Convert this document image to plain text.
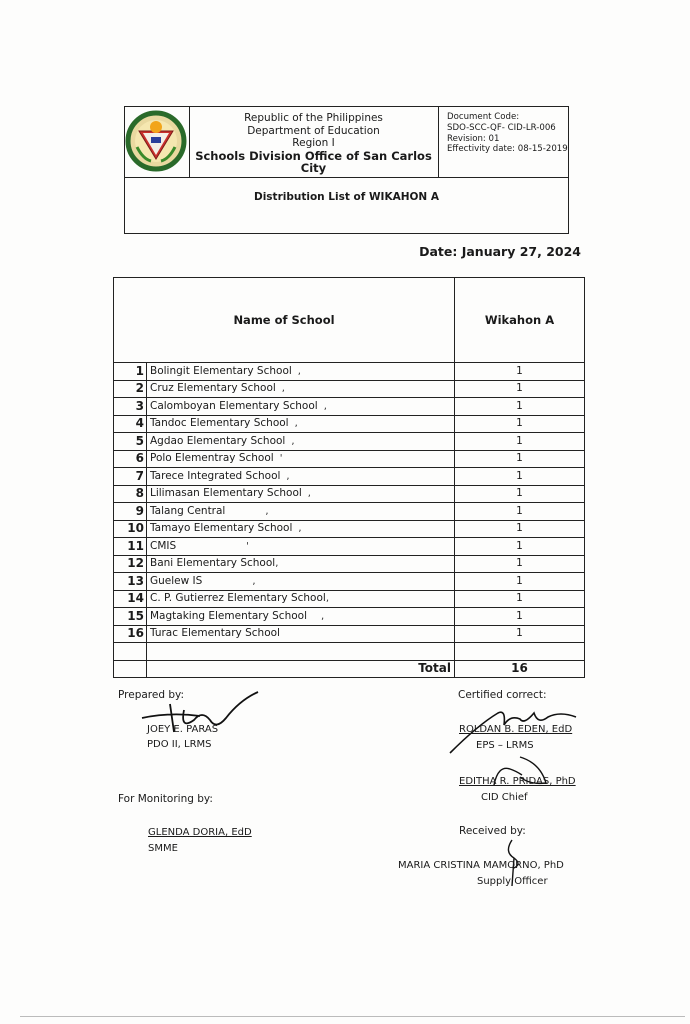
Republic of the Philippines
Department of Education
Region I
Schools Division Office of San Carlos City
Document Code:
SDO-SCC-QF- CID-LR-006
Revision: 01
Effectivity date: 08-15-2019
Distribution List of WIKAHON A
Date: January 27, 2024
Name of School		Wikahon A
1	Bolingit Elementary School ,	1
2	Cruz Elementary School ,	1
3	Calomboyan Elementary School ,	1
4	Tandoc Elementary School ,	1
5	Agdao Elementary School ,	1
6	Polo Elementray School '	1
7	Tarece Integrated School ,	1
8	Lilimasan Elementary School ,	1
9	Talang Central ,	1
10	Tamayo Elementary School ,	1
11	CMIS '	1
12	Bani Elementary School,	1
13	Guelew IS ,	1
14	C. P. Gutierrez Elementary School,	1
15	Magtaking Elementary School ,	1
16	Turac Elementary School	1

	Total	16
Prepared by:
JOEY E. PARAS
PDO II, LRMS
For Monitoring by:
GLENDA DORIA, EdD
SMME
Certified correct:
ROLDAN B. EDEN, EdD
EPS – LRMS
EDITHA R. PRIDAS, PhD
CID Chief
Received by:
MARIA CRISTINA MAMORNO, PhD
Supply Officer
